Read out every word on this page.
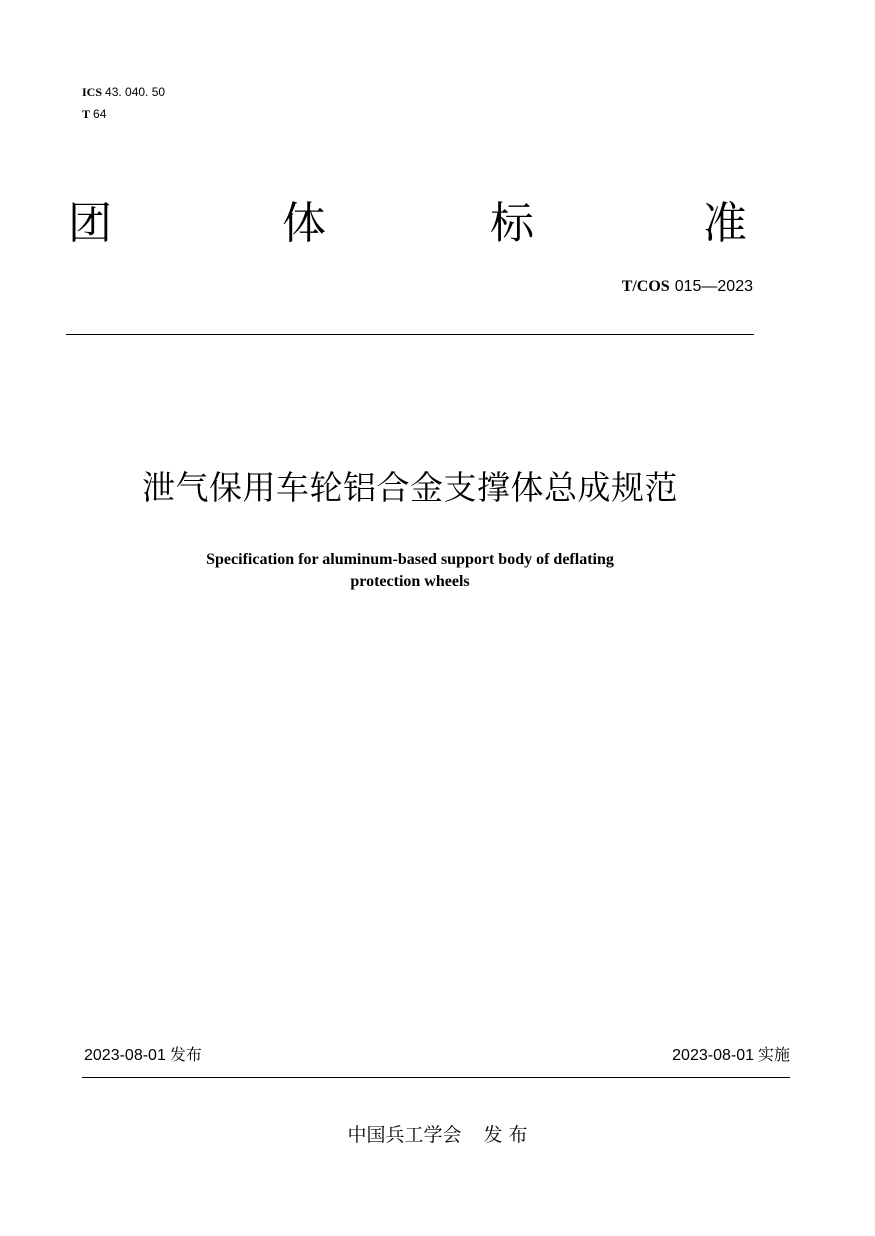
ICS 43. 040. 50
T 64
团	体	标	准
T/COS 015—2023
泄气保用车轮铝合金支撑体总成规范
Specification for aluminum-based support body of deflating
protection wheels
2023-08-01 发布	2023-08-01 实施
中国兵工学会 发 布
